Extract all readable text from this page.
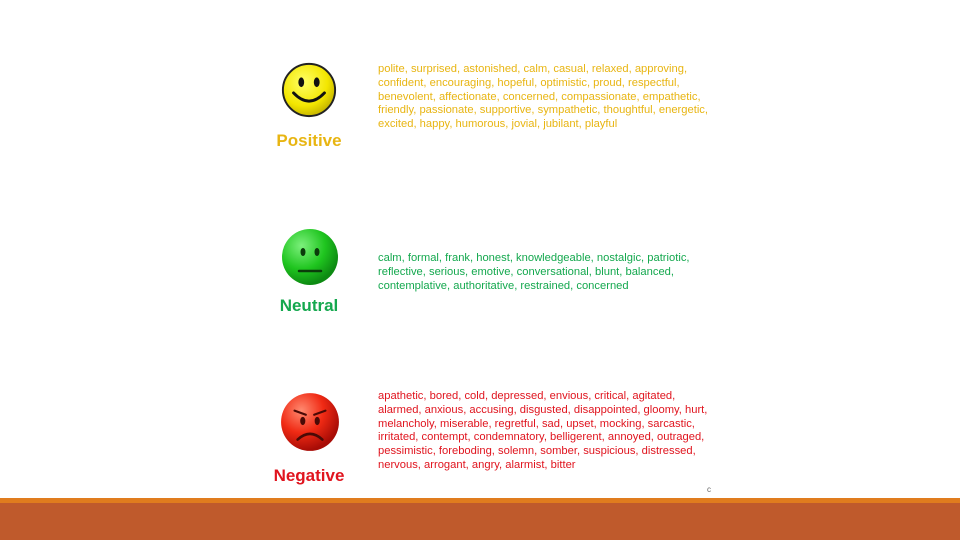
Positive
polite, surprised, astonished, calm, casual, relaxed, approving, confident, encouraging, hopeful, optimistic, proud, respectful, benevolent, affectionate, concerned, compassionate, empathetic, friendly, passionate, supportive, sympathetic, thoughtful, energetic, excited, happy, humorous, jovial, jubilant, playful
Neutral
calm, formal, frank, honest, knowledgeable, nostalgic, patriotic, reflective, serious, emotive, conversational, blunt, balanced, contemplative, authoritative, restrained, concerned
Negative
apathetic, bored, cold, depressed, envious, critical, agitated, alarmed, anxious, accusing, disgusted, disappointed, gloomy, hurt, melancholy, miserable, regretful, sad, upset, mocking, sarcastic, irritated, contempt, condemnatory, belligerent, annoyed, outraged, pessimistic, foreboding, solemn, somber, suspicious, distressed, nervous, arrogant, angry, alarmist, bitter
c
